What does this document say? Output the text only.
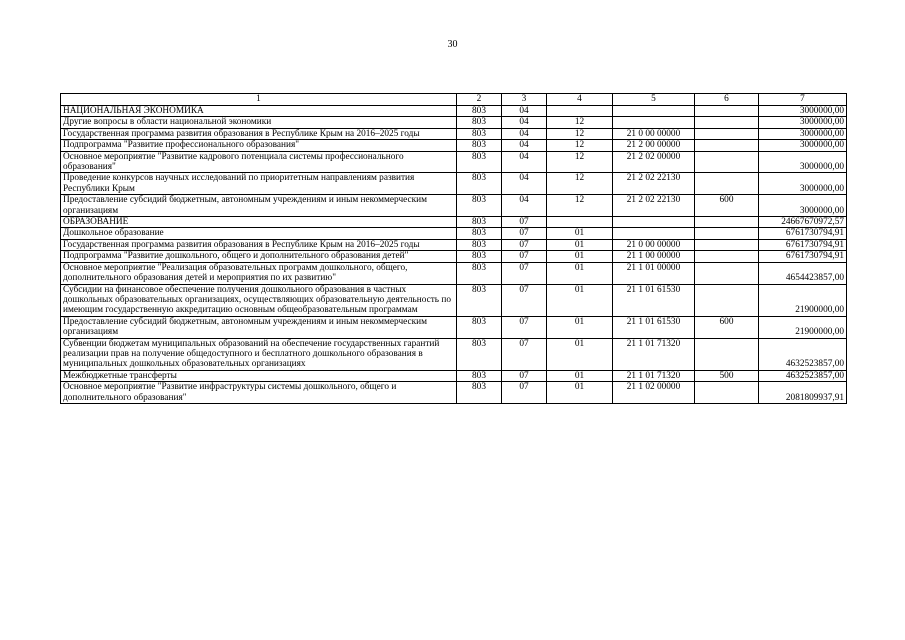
30
1	2	3	4	5	6	7
НАЦИОНАЛЬНАЯ ЭКОНОМИКА	803	04				3000000,00
Другие вопросы в области национальной экономики	803	04	12			3000000,00
Государственная программа развития образования в Республике Крым на 2016–2025 годы	803	04	12	21 0 00 00000		3000000,00
Подпрограмма "Развитие профессионального образования"	803	04	12	21 2 00 00000		3000000,00
Основное мероприятие "Развитие кадрового потенциала системы профессионального образования"	803	04	12	21 2 02 00000		3000000,00
Проведение конкурсов научных исследований по приоритетным направлениям развития Республики Крым	803	04	12	21 2 02 22130		3000000,00
Предоставление субсидий бюджетным, автономным учреждениям и иным некоммерческим организациям	803	04	12	21 2 02 22130	600	3000000,00
ОБРАЗОВАНИЕ	803	07				24667670972,57
Дошкольное образование	803	07	01			6761730794,91
Государственная программа развития образования в Республике Крым на 2016–2025 годы	803	07	01	21 0 00 00000		6761730794,91
Подпрограмма "Развитие дошкольного, общего и дополнительного образования детей"	803	07	01	21 1 00 00000		6761730794,91
Основное мероприятие "Реализация образовательных программ дошкольного, общего, дополнительного образования детей и мероприятия по их развитию"	803	07	01	21 1 01 00000		4654423857,00
Субсидии на финансовое обеспечение получения дошкольного образования в частных дошкольных образовательных организациях, осуществляющих образовательную деятельность по имеющим государственную аккредитацию основным общеобразовательным программам	803	07	01	21 1 01 61530		21900000,00
Предоставление субсидий бюджетным, автономным учреждениям и иным некоммерческим организациям	803	07	01	21 1 01 61530	600	21900000,00
Субвенции бюджетам муниципальных образований на обеспечение государственных гарантий реализации прав на получение общедоступного и бесплатного дошкольного образования в муниципальных дошкольных образовательных организациях	803	07	01	21 1 01 71320		4632523857,00
Межбюджетные трансферты	803	07	01	21 1 01 71320	500	4632523857,00
Основное мероприятие "Развитие инфраструктуры системы дошкольного, общего и дополнительного образования"	803	07	01	21 1 02 00000		2081809937,91
